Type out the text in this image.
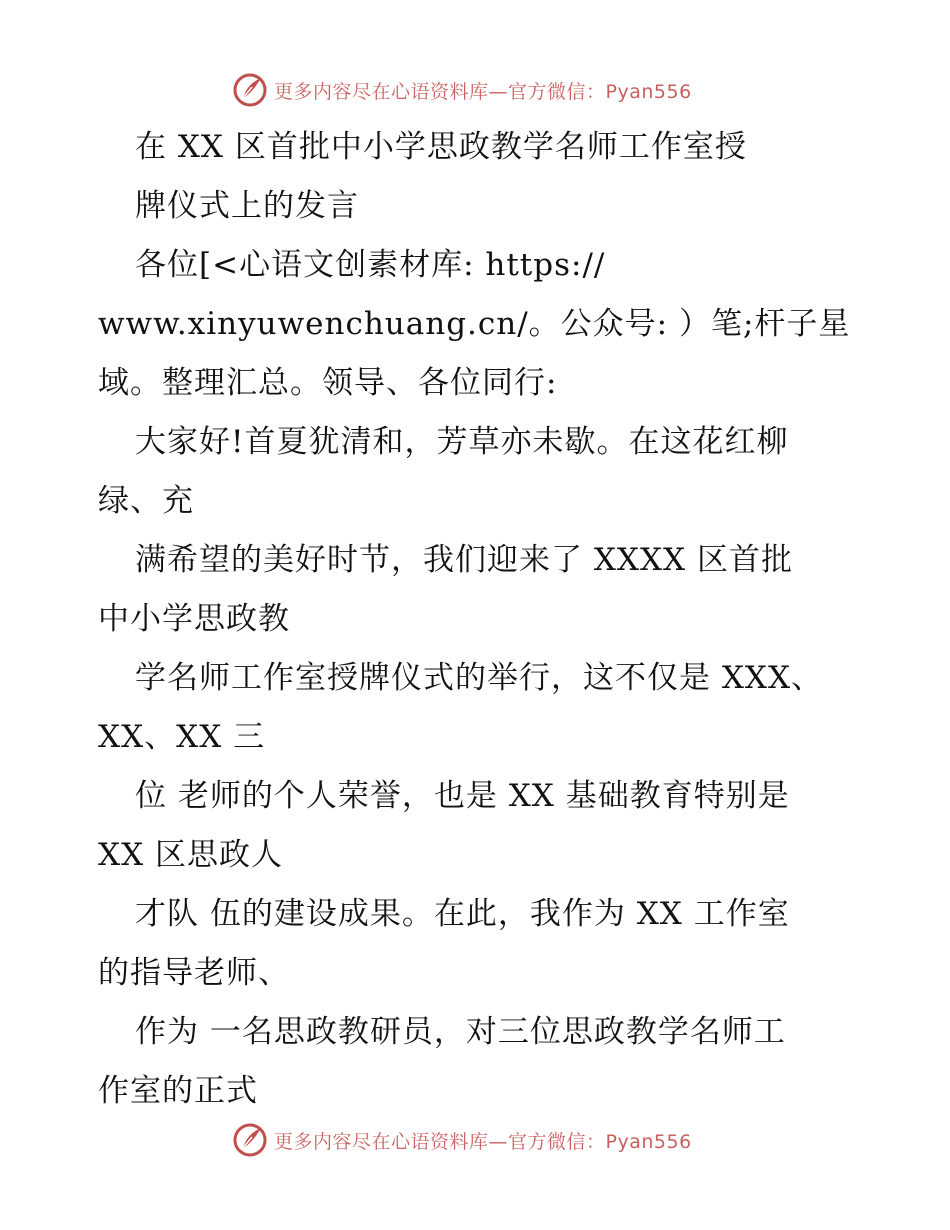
更多内容尽在心语资料库—官方微信：Pyan556
在 XX 区首批中小学思政教学名师工作室授
牌仪式上的发言
各位[<心语文创素材库: https://
www.xinyuwenchuang.cn/。公众号: ）笔;杆子星
域。整理汇总。领导、各位同行:
大家好!首夏犹清和，芳草亦未歇。在这花红柳
绿、充
满希望的美好时节，我们迎来了 XXXX 区首批
中小学思政教
学名师工作室授牌仪式的举行，这不仅是 XXX、
XX、XX 三
位 老师的个人荣誉，也是 XX 基础教育特别是
XX 区思政人
才队 伍的建设成果。在此，我作为 XX 工作室
的指导老师、
作为 一名思政教研员，对三位思政教学名师工
作室的正式
更多内容尽在心语资料库—官方微信：Pyan556
